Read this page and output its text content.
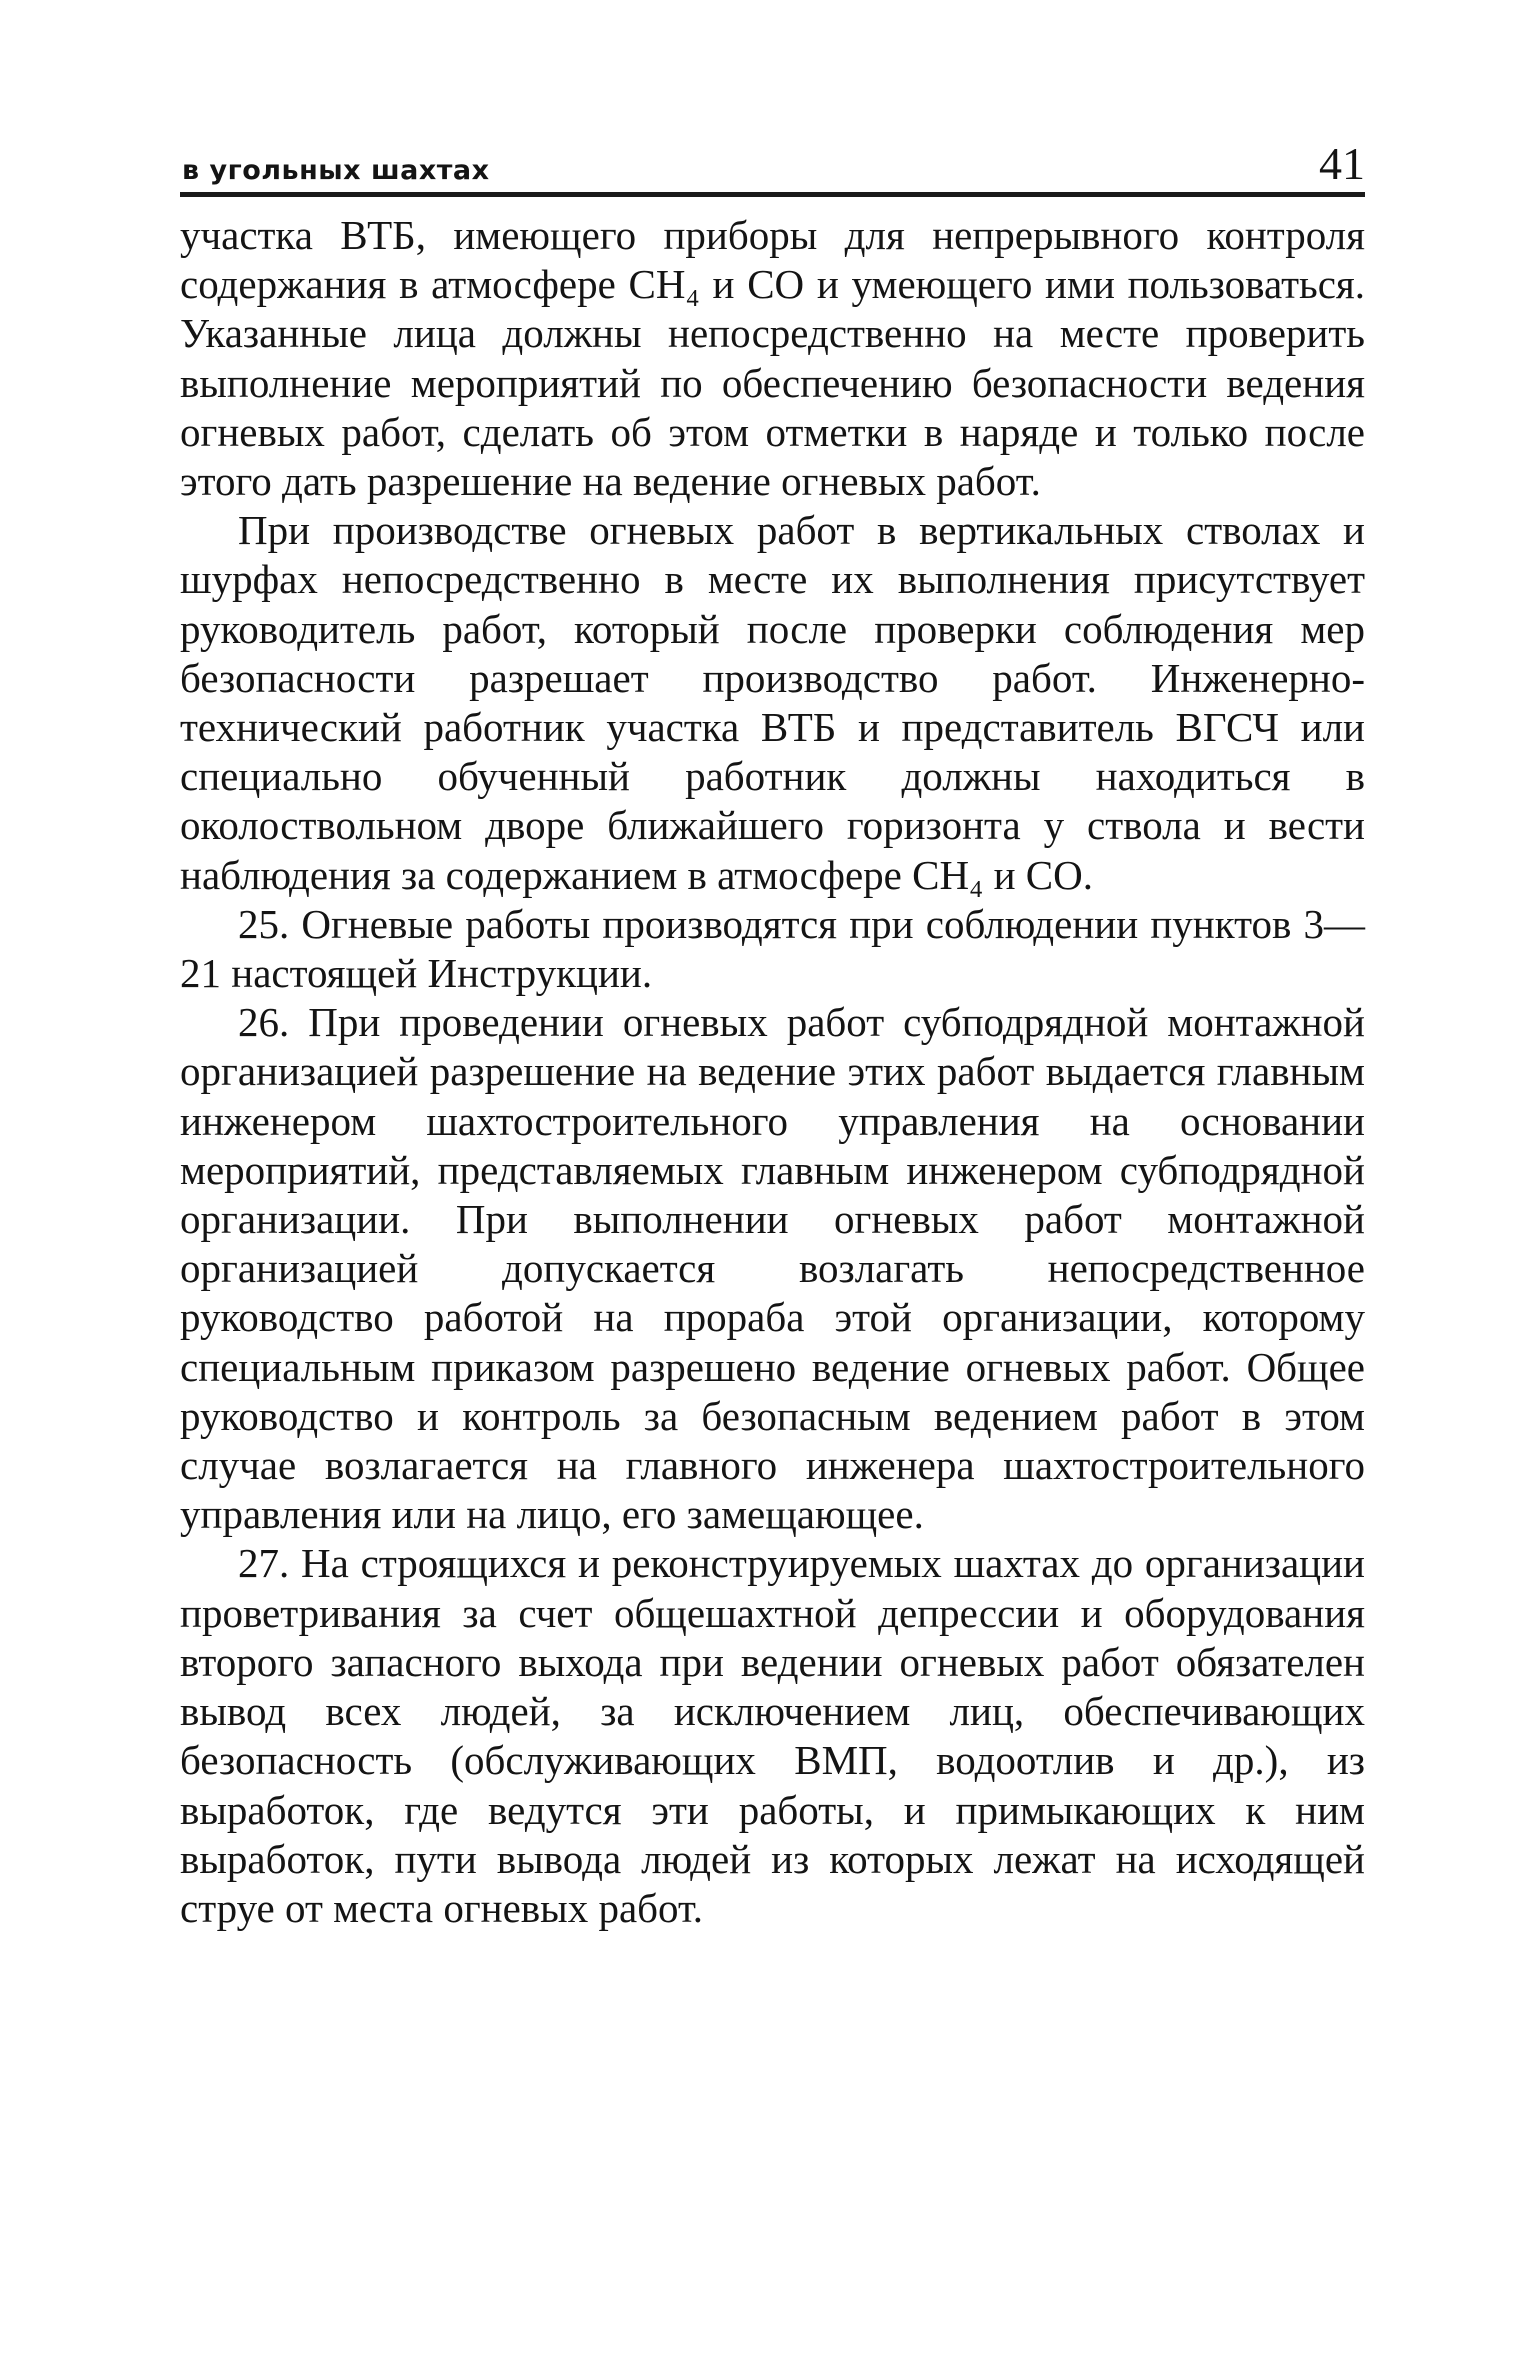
в угольных шахтах	41

участка ВТБ, имеющего приборы для непрерывного контроля содержания в атмосфере CH₄ и CO и умеющего ими пользоваться. Указанные лица должны непосредственно на месте проверить выполнение мероприятий по обеспечению безопасности ведения огневых работ, сделать об этом отметки в наряде и только после этого дать разрешение на ведение огневых работ.

При производстве огневых работ в вертикальных стволах и шурфах непосредственно в месте их выполнения присутствует руководитель работ, который после проверки соблюдения мер безопасности разрешает производство работ. Инженерно-технический работник участка ВТБ и представитель ВГСЧ или специально обученный работник должны находиться в околоствольном дворе ближайшего горизонта у ствола и вести наблюдения за содержанием в атмосфере CH₄ и CO.

25. Огневые работы производятся при соблюдении пунктов 3—21 настоящей Инструкции.

26. При проведении огневых работ субподрядной монтажной организацией разрешение на ведение этих работ выдается главным инженером шахтостроительного управления на основании мероприятий, представляемых главным инженером субподрядной организации. При выполнении огневых работ монтажной организацией допускается возлагать непосредственное руководство работой на прораба этой организации, которому специальным приказом разрешено ведение огневых работ. Общее руководство и контроль за безопасным ведением работ в этом случае возлагается на главного инженера шахтостроительного управления или на лицо, его замещающее.

27. На строящихся и реконструируемых шахтах до организации проветривания за счет общешахтной депрессии и оборудования второго запасного выхода при ведении огневых работ обязателен вывод всех людей, за исключением лиц, обеспечивающих безопасность (обслуживающих ВМП, водоотлив и др.), из выработок, где ведутся эти работы, и примыкающих к ним выработок, пути вывода людей из которых лежат на исходящей струе от места огневых работ.
